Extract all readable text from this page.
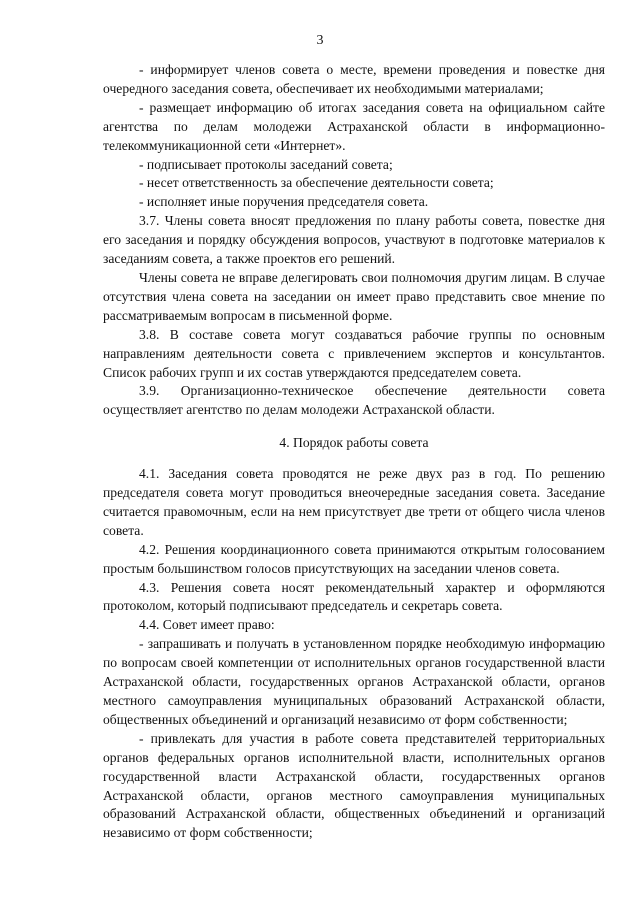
3

- информирует членов совета о месте, времени проведения и повестке дня очередного заседания совета, обеспечивает их необходимыми материалами;

- размещает информацию об итогах заседания совета на официальном сайте агентства по делам молодежи Астраханской области в информационно-телекоммуникационной сети «Интернет».

- подписывает протоколы заседаний совета;

- несет ответственность за обеспечение деятельности совета;

- исполняет иные поручения председателя совета.

3.7. Члены совета вносят предложения по плану работы совета, повестке дня его заседания и порядку обсуждения вопросов, участвуют в подготовке материалов к заседаниям совета, а также проектов его решений.

Члены совета не вправе делегировать свои полномочия другим лицам. В случае отсутствия члена совета на заседании он имеет право представить свое мнение по рассматриваемым вопросам в письменной форме.

3.8. В составе совета могут создаваться рабочие группы по основным направлениям деятельности совета с привлечением экспертов и консультантов. Список рабочих групп и их состав утверждаются председателем совета.

3.9. Организационно-техническое обеспечение деятельности совета осуществляет агентство по делам молодежи Астраханской области.

4. Порядок работы совета

4.1. Заседания совета проводятся не реже двух раз в год. По решению председателя совета могут проводиться внеочередные заседания совета. Заседание считается правомочным, если на нем присутствует две трети от общего числа членов совета.

4.2. Решения координационного совета принимаются открытым голосованием простым большинством голосов присутствующих на заседании членов совета.

4.3. Решения совета носят рекомендательный характер и оформляются протоколом, который подписывают председатель и секретарь совета.

4.4. Совет имеет право:

- запрашивать и получать в установленном порядке необходимую информацию по вопросам своей компетенции от исполнительных органов государственной власти Астраханской области, государственных органов Астраханской области, органов местного самоуправления муниципальных образований Астраханской области, общественных объединений и организаций независимо от форм собственности;

- привлекать для участия в работе совета представителей территориальных органов федеральных органов исполнительной власти, исполнительных органов государственной власти Астраханской области, государственных органов Астраханской области, органов местного самоуправления муниципальных образований Астраханской области, общественных объединений и организаций независимо от форм собственности;
